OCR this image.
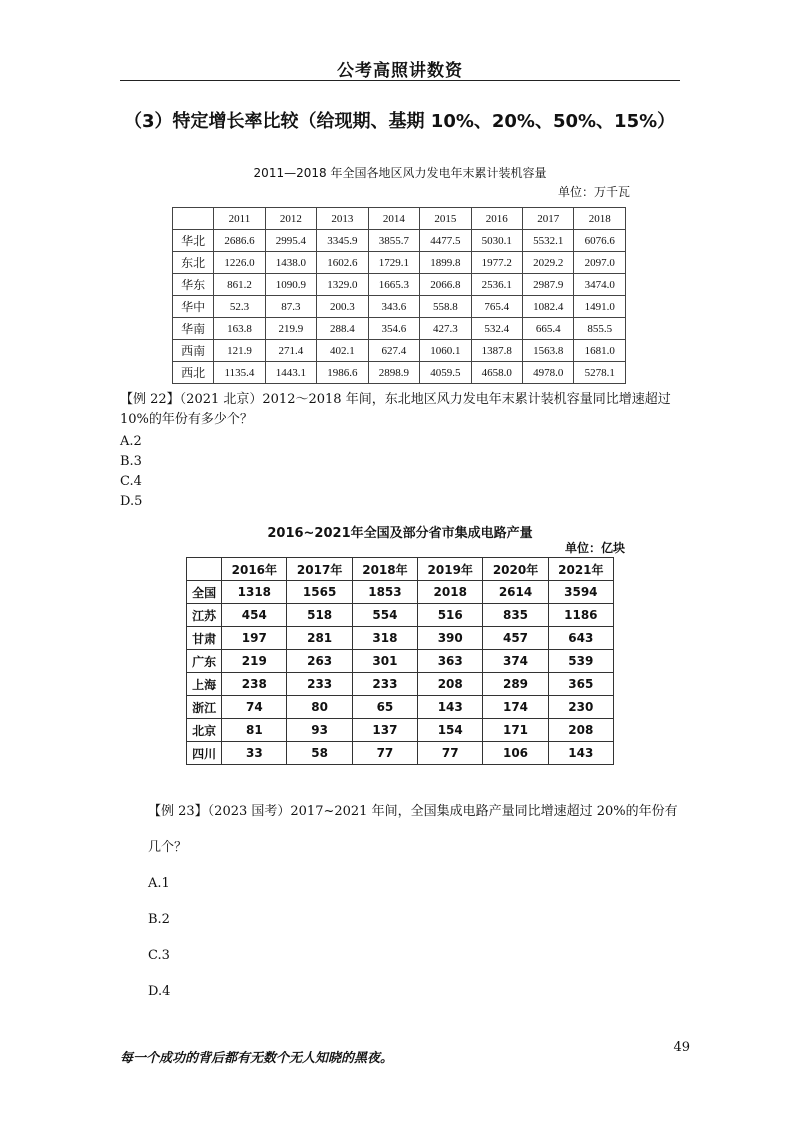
公考高照讲数资
（3）特定增长率比较（给现期、基期 10%、20%、50%、15%）
2011—2018 年全国各地区风力发电年末累计装机容量
单位：万千瓦
	2011	2012	2013	2014	2015	2016	2017	2018
华北	2686.6	2995.4	3345.9	3855.7	4477.5	5030.1	5532.1	6076.6
东北	1226.0	1438.0	1602.6	1729.1	1899.8	1977.2	2029.2	2097.0
华东	861.2	1090.9	1329.0	1665.3	2066.8	2536.1	2987.9	3474.0
华中	52.3	87.3	200.3	343.6	558.8	765.4	1082.4	1491.0
华南	163.8	219.9	288.4	354.6	427.3	532.4	665.4	855.5
西南	121.9	271.4	402.1	627.4	1060.1	1387.8	1563.8	1681.0
西北	1135.4	1443.1	1986.6	2898.9	4059.5	4658.0	4978.0	5278.1
【例 22】（2021 北京）2012～2018 年间，东北地区风力发电年末累计装机容量同比增速超过 10%的年份有多少个？
A.2
B.3
C.4
D.5
2016~2021年全国及部分省市集成电路产量
单位：亿块
	2016年	2017年	2018年	2019年	2020年	2021年
全国	1318	1565	1853	2018	2614	3594
江苏	454	518	554	516	835	1186
甘肃	197	281	318	390	457	643
广东	219	263	301	363	374	539
上海	238	233	233	208	289	365
浙江	74	80	65	143	174	230
北京	81	93	137	154	171	208
四川	33	58	77	77	106	143
【例 23】（2023 国考）2017~2021 年间，全国集成电路产量同比增速超过 20%的年份有几个？
A.1
B.2
C.3
D.4
每一个成功的背后都有无数个无人知晓的黑夜。
49
